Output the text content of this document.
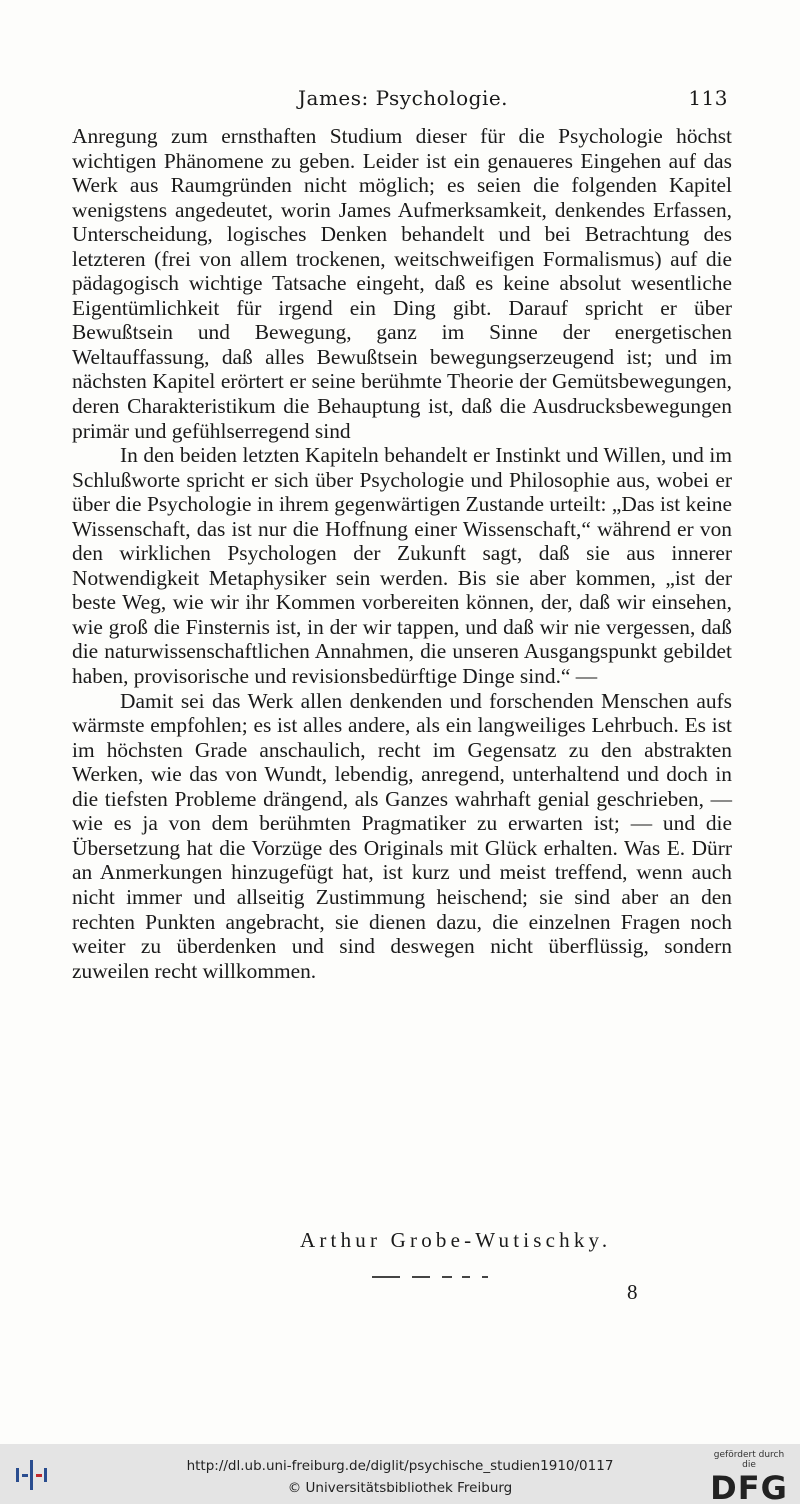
James: Psychologie.	113

Anregung zum ernsthaften Studium dieser für die Psychologie höchst wichtigen Phänomene zu geben. Leider ist ein genaueres Eingehen auf das Werk aus Raumgründen nicht möglich; es seien die folgenden Kapitel wenigstens angedeutet, worin James Aufmerksamkeit, denkendes Erfassen, Unterscheidung, logisches Denken behandelt und bei Betrachtung des letzteren (frei von allem trockenen, weitschweifigen Formalismus) auf die pädagogisch wichtige Tatsache eingeht, daß es keine absolut wesentliche Eigentümlichkeit für irgend ein Ding gibt. Darauf spricht er über Bewußtsein und Bewegung, ganz im Sinne der energetischen Weltauffassung, daß alles Bewußtsein bewegungserzeugend ist; und im nächsten Kapitel erörtert er seine berühmte Theorie der Gemütsbewegungen, deren Charakteristikum die Behauptung ist, daß die Ausdrucksbewegungen primär und gefühlserregend sind

In den beiden letzten Kapiteln behandelt er Instinkt und Willen, und im Schlußworte spricht er sich über Psychologie und Philosophie aus, wobei er über die Psychologie in ihrem gegenwärtigen Zustande urteilt: „Das ist keine Wissenschaft, das ist nur die Hoffnung einer Wissenschaft,“ während er von den wirklichen Psychologen der Zukunft sagt, daß sie aus innerer Notwendigkeit Metaphysiker sein werden. Bis sie aber kommen, „ist der beste Weg, wie wir ihr Kommen vorbereiten können, der, daß wir einsehen, wie groß die Finsternis ist, in der wir tappen, und daß wir nie vergessen, daß die naturwissenschaftlichen Annahmen, die unseren Ausgangspunkt gebildet haben, provisorische und revisionsbedürftige Dinge sind.“ —

Damit sei das Werk allen denkenden und forschenden Menschen aufs wärmste empfohlen; es ist alles andere, als ein langweiliges Lehrbuch. Es ist im höchsten Grade anschaulich, recht im Gegensatz zu den abstrakten Werken, wie das von Wundt, lebendig, anregend, unterhaltend und doch in die tiefsten Probleme drängend, als Ganzes wahrhaft genial geschrieben, — wie es ja von dem berühmten Pragmatiker zu erwarten ist; — und die Übersetzung hat die Vorzüge des Originals mit Glück erhalten. Was E. Dürr an Anmerkungen hinzugefügt hat, ist kurz und meist treffend, wenn auch nicht immer und allseitig Zustimmung heischend; sie sind aber an den rechten Punkten angebracht, sie dienen dazu, die einzelnen Fragen noch weiter zu überdenken und sind deswegen nicht überflüssig, sondern zuweilen recht willkommen.

Arthur Grobe-Wutischky.
8
http://dl.ub.uni-freiburg.de/diglit/psychische_studien1910/0117
© Universitätsbibliothek Freiburg
gefördert durch die
DFG
